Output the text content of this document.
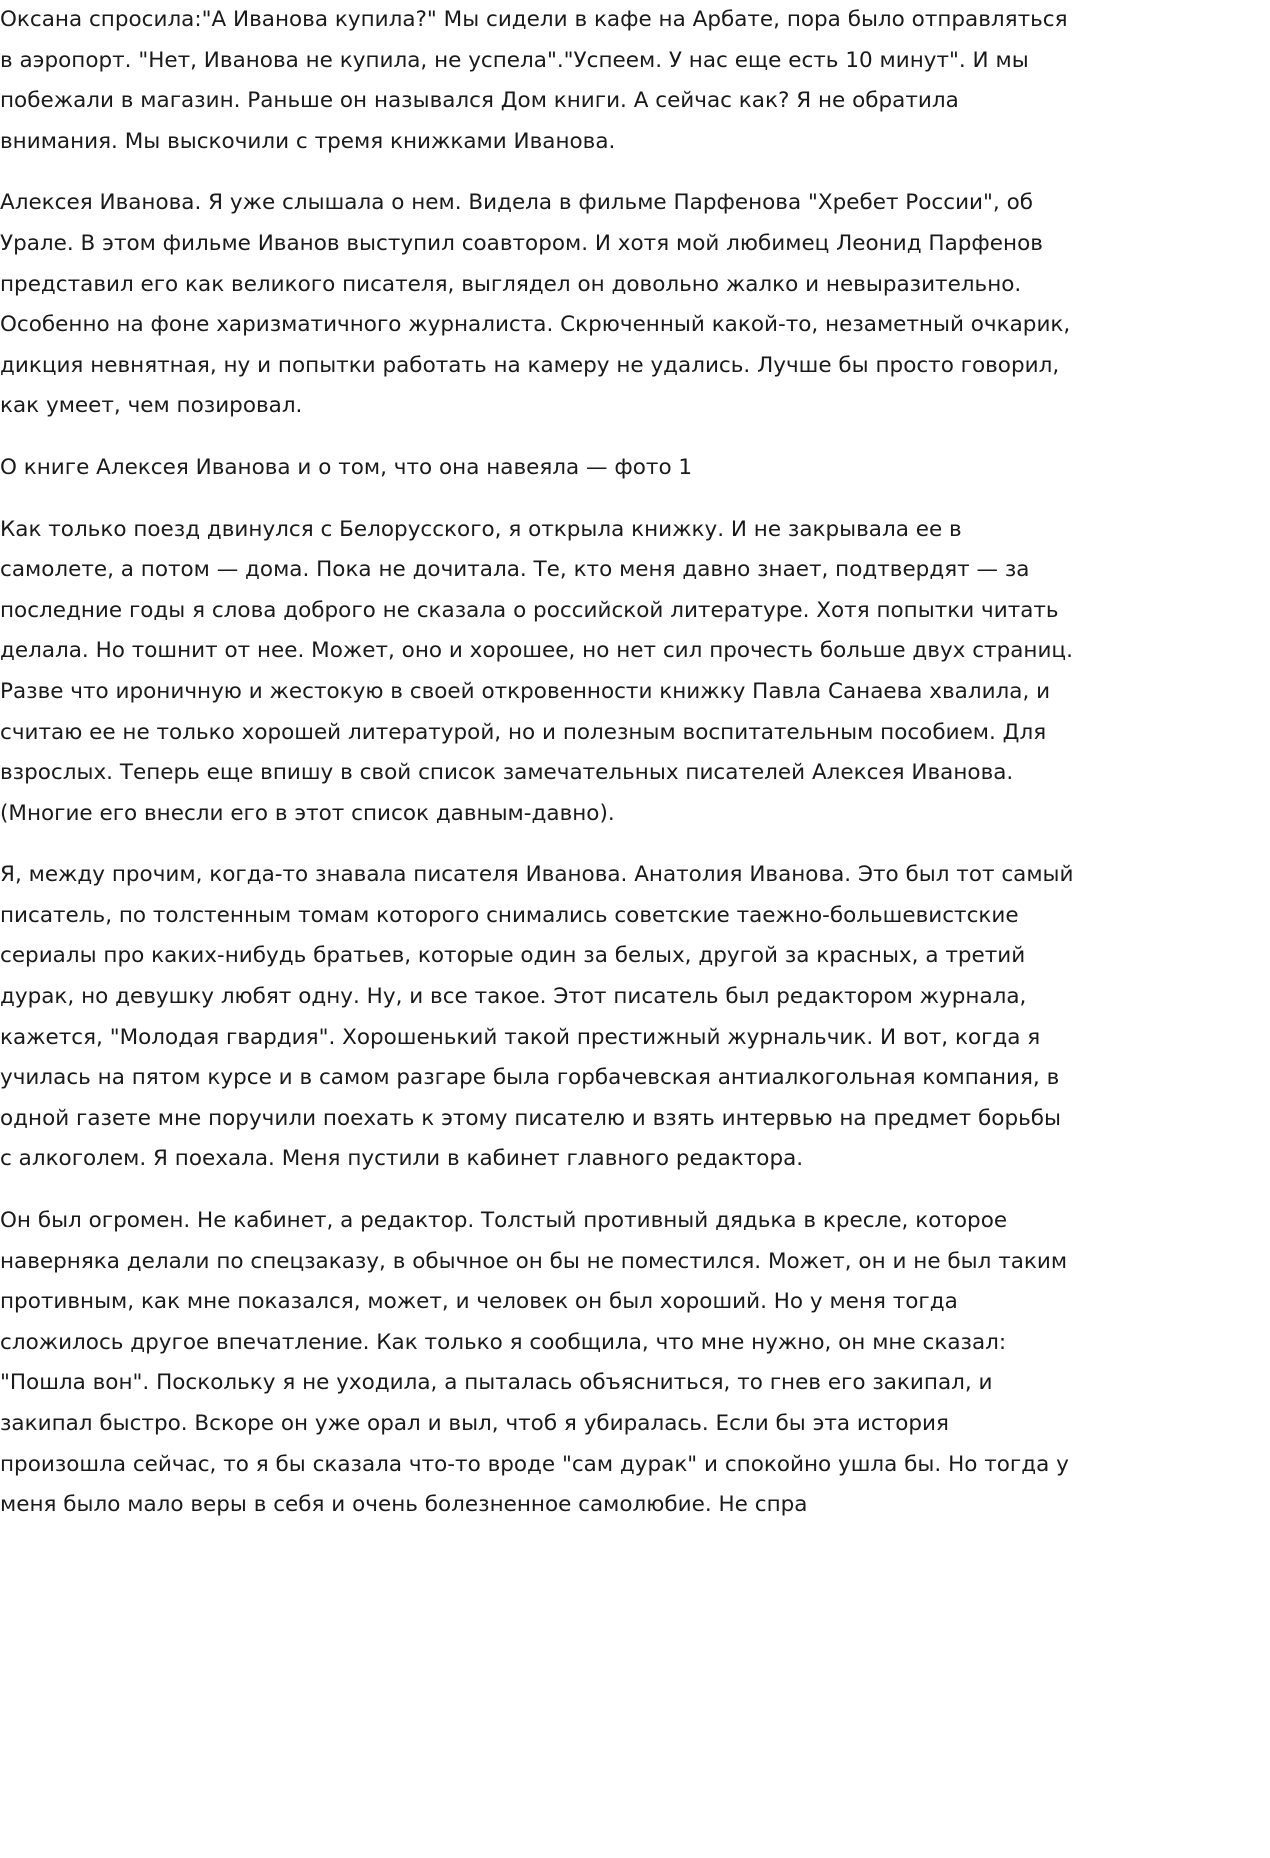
Оксана спросила:"А Иванова купила?" Мы сидели в кафе на Арбате, пора было отправляться в аэропорт. "Нет, Иванова не купила, не успела"."Успеем. У нас еще есть 10 минут". И мы побежали в магазин. Раньше он назывался Дом книги. А сейчас как? Я не обратила внимания. Мы выскочили с тремя книжками Иванова.

Алексея Иванова. Я уже слышала о нем. Видела в фильме Парфенова "Хребет России", об Урале. В этом фильме Иванов выступил соавтором. И хотя мой любимец Леонид Парфенов представил его как великого писателя, выглядел он довольно жалко и невыразительно. Особенно на фоне харизматичного журналиста. Скрюченный какой-то, незаметный очкарик, дикция невнятная, ну и попытки работать на камеру не удались. Лучше бы просто говорил, как умеет, чем позировал.

О книге Алексея Иванова и о том, что она навеяла — фото 1

Как только поезд двинулся с Белорусского, я открыла книжку. И не закрывала ее в самолете, а потом — дома. Пока не дочитала. Те, кто меня давно знает, подтвердят — за последние годы я слова доброго не сказала о российской литературе. Хотя попытки читать делала. Но тошнит от нее. Может, оно и хорошее, но нет сил прочесть больше двух страниц. Разве что ироничную и жестокую в своей откровенности книжку Павла Санаева хвалила, и считаю ее не только хорошей литературой, но и полезным воспитательным пособием. Для взрослых. Теперь еще впишу в свой список замечательных писателей Алексея Иванова. (Многие его внесли его в этот список давным-давно).

Я, между прочим, когда-то знавала писателя Иванова. Анатолия Иванова. Это был тот самый писатель, по толстенным томам которого снимались советские таежно-большевистские сериалы про каких-нибудь братьев, которые один за белых, другой за красных, а третий дурак, но девушку любят одну. Ну, и все такое. Этот писатель был редактором журнала, кажется, "Молодая гвардия". Хорошенький такой престижный журнальчик. И вот, когда я училась на пятом курсе и в самом разгаре была горбачевская антиалкогольная компания, в одной газете мне поручили поехать к этому писателю и взять интервью на предмет борьбы с алкоголем. Я поехала. Меня пустили в кабинет главного редактора.

Он был огромен. Не кабинет, а редактор. Толстый противный дядька в кресле, которое наверняка делали по спецзаказу, в обычное он бы не поместился. Может, он и не был таким противным, как мне показался, может, и человек он был хороший. Но у меня тогда сложилось другое впечатление. Как только я сообщила, что мне нужно, он мне сказал: "Пошла вон". Поскольку я не уходила, а пыталась объясниться, то гнев его закипал, и закипал быстро. Вскоре он уже орал и выл, чтоб я убиралась. Если бы эта история произошла сейчас, то я бы сказала что-то вроде "сам дурак" и спокойно ушла бы. Но тогда у меня было мало веры в себя и очень болезненное самолюбие. Не спра
